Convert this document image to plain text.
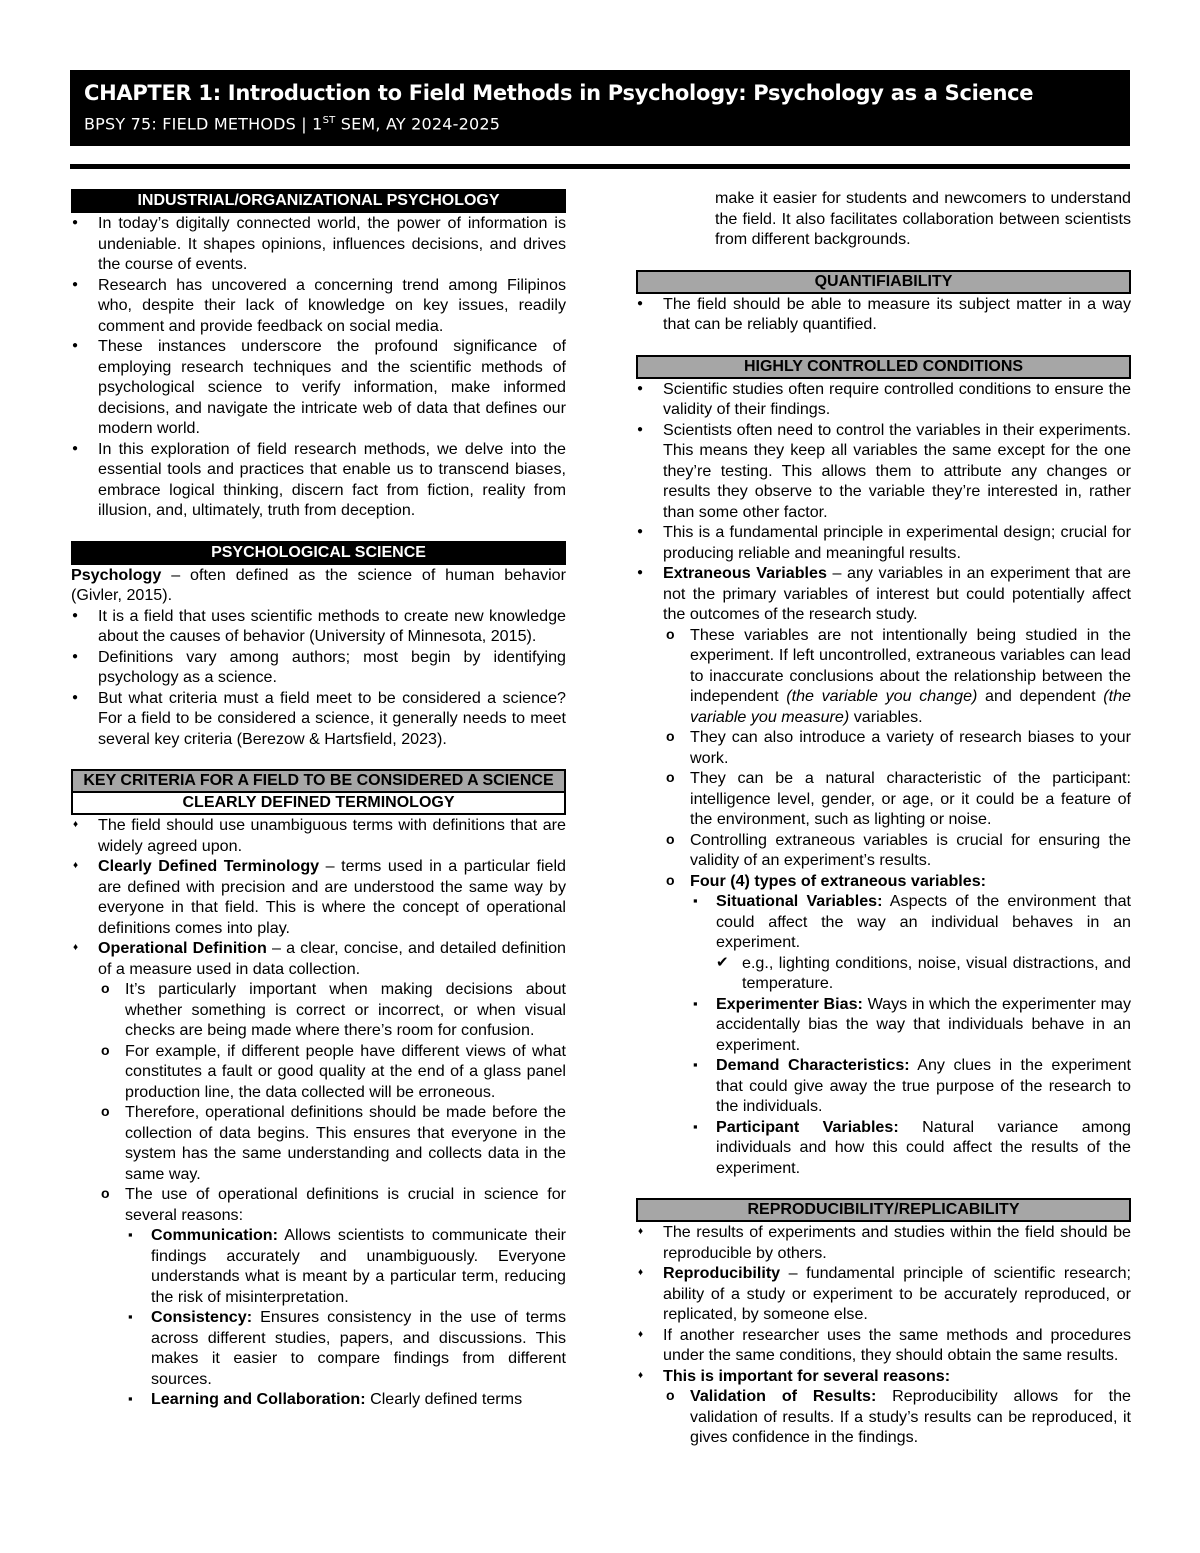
CHAPTER 1: Introduction to Field Methods in Psychology: Psychology as a Science
BPSY 75: FIELD METHODS | 1ST SEM, AY 2024-2025
INDUSTRIAL/ORGANIZATIONAL PSYCHOLOGY
● In today’s digitally connected world, the power of information is undeniable. It shapes opinions, influences decisions, and drives the course of events.
● Research has uncovered a concerning trend among Filipinos who, despite their lack of knowledge on key issues, readily comment and provide feedback on social media.
● These instances underscore the profound significance of employing research techniques and the scientific methods of psychological science to verify information, make informed decisions, and navigate the intricate web of data that defines our modern world.
● In this exploration of field research methods, we delve into the essential tools and practices that enable us to transcend biases, embrace logical thinking, discern fact from fiction, reality from illusion, and, ultimately, truth from deception.
PSYCHOLOGICAL SCIENCE

Psychology – often defined as the science of human behavior (Givler, 2015).

● It is a field that uses scientific methods to create new knowledge about the causes of behavior (University of Minnesota, 2015).
● Definitions vary among authors; most begin by identifying psychology as a science.
● But what criteria must a field meet to be considered a science? For a field to be considered a science, it generally needs to meet several key criteria (Berezow & Hartsfield, 2023).
KEY CRITERIA FOR A FIELD TO BE CONSIDERED A SCIENCE
CLEARLY DEFINED TERMINOLOGY
♦ The field should use unambiguous terms with definitions that are widely agreed upon.
♦ Clearly Defined Terminology – terms used in a particular field are defined with precision and are understood the same way by everyone in that field. This is where the concept of operational definitions comes into play.
♦ Operational Definition – a clear, concise, and detailed definition of a measure used in data collection.
o It’s particularly important when making decisions about whether something is correct or incorrect, or when visual checks are being made where there’s room for confusion.
o For example, if different people have different views of what constitutes a fault or good quality at the end of a glass panel production line, the data collected will be erroneous.
o Therefore, operational definitions should be made before the collection of data begins. This ensures that everyone in the system has the same understanding and collects data in the same way.
o The use of operational definitions is crucial in science for several reasons:
▪ Communication: Allows scientists to communicate their findings accurately and unambiguously. Everyone understands what is meant by a particular term, reducing the risk of misinterpretation.
▪ Consistency: Ensures consistency in the use of terms across different studies, papers, and discussions. This makes it easier to compare findings from different sources.
▪ Learning and Collaboration: Clearly defined terms

make it easier for students and newcomers to understand the field. It also facilitates collaboration between scientists from different backgrounds.

QUANTIFIABILITY
● The field should be able to measure its subject matter in a way that can be reliably quantified.
HIGHLY CONTROLLED CONDITIONS
● Scientific studies often require controlled conditions to ensure the validity of their findings.
● Scientists often need to control the variables in their experiments. This means they keep all variables the same except for the one they’re testing. This allows them to attribute any changes or results they observe to the variable they’re interested in, rather than some other factor.
● This is a fundamental principle in experimental design; crucial for producing reliable and meaningful results.
● Extraneous Variables – any variables in an experiment that are not the primary variables of interest but could potentially affect the outcomes of the research study.
o These variables are not intentionally being studied in the experiment. If left uncontrolled, extraneous variables can lead to inaccurate conclusions about the relationship between the independent (the variable you change) and dependent (the variable you measure) variables.
o They can also introduce a variety of research biases to your work.
o They can be a natural characteristic of the participant: intelligence level, gender, or age, or it could be a feature of the environment, such as lighting or noise.
o Controlling extraneous variables is crucial for ensuring the validity of an experiment’s results.
o Four (4) types of extraneous variables:
▪ Situational Variables: Aspects of the environment that could affect the way an individual behaves in an experiment.
✔ e.g., lighting conditions, noise, visual distractions, and temperature.
▪ Experimenter Bias: Ways in which the experimenter may accidentally bias the way that individuals behave in an experiment.
▪ Demand Characteristics: Any clues in the experiment that could give away the true purpose of the research to the individuals.
▪ Participant Variables: Natural variance among individuals and how this could affect the results of the experiment.
REPRODUCIBILITY/REPLICABILITY
♦ The results of experiments and studies within the field should be reproducible by others.
♦ Reproducibility – fundamental principle of scientific research; ability of a study or experiment to be accurately reproduced, or replicated, by someone else.
♦ If another researcher uses the same methods and procedures under the same conditions, they should obtain the same results.
♦ This is important for several reasons:
o Validation of Results: Reproducibility allows for the validation of results. If a study’s results can be reproduced, it gives confidence in the findings.
